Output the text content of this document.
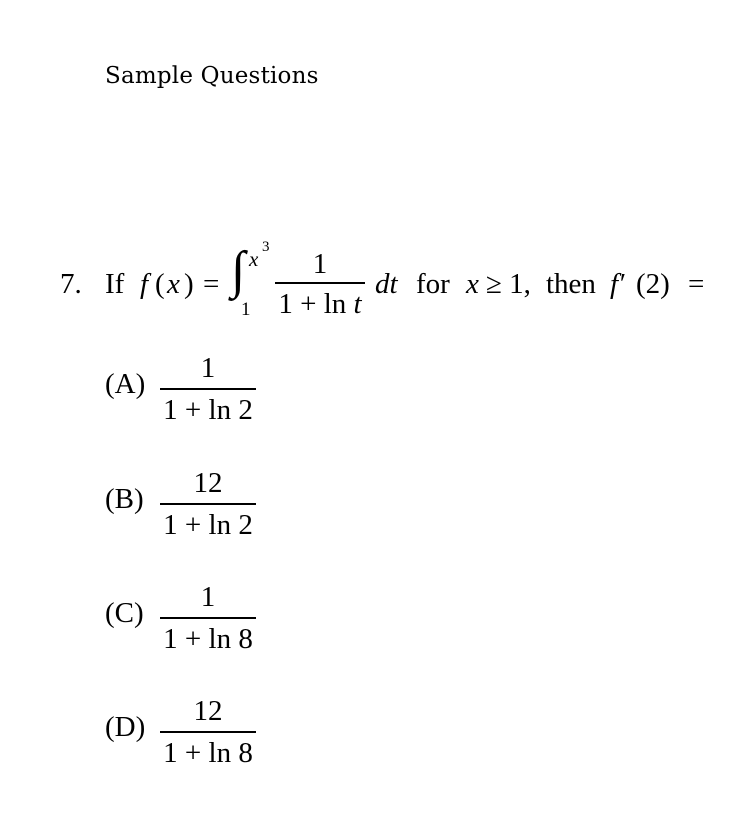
Sample Questions
7. If f ( x ) = ∫ x 3
1
1
1 + ln t
dt for x ≥ 1, then f′ (2) =
(A)	1
1 + ln 2
(B)	12
1 + ln 2
(C)	1
1 + ln 8
(D)	12
1 + ln 8
